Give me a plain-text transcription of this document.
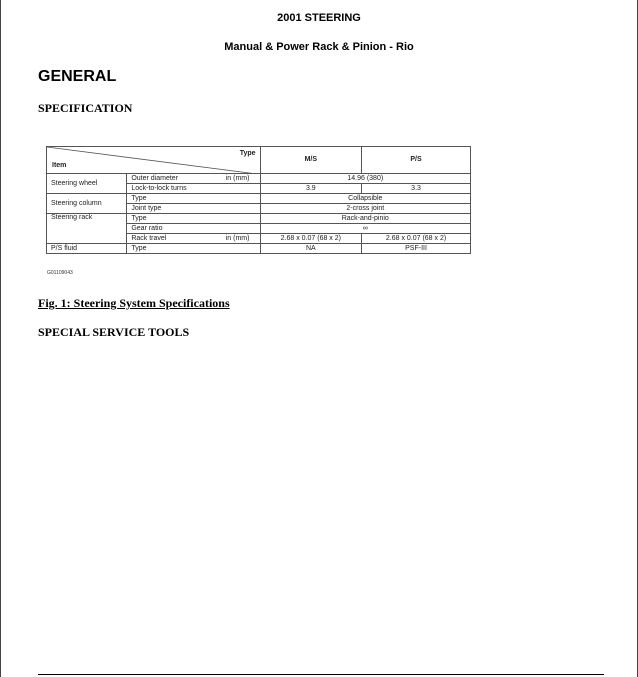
2001 STEERING
Manual & Power Rack & Pinion - Rio
GENERAL
SPECIFICATION
Type
Item			M/S	P/S
Steering wheel	Outer diameter	in (mm)	14.96 (380)	
	Lock-to-lock turns		3.9	3.3
Steering column	Type		Collapsible	
	Joint type		2-cross joint	
Steering rack	Type		Rack-and-pinio	
	Gear ratio		∞	
	Rack travel	in (mm)	2.68 x 0.07 (68 x 2)	2.68 x 0.07 (68 x 2)
P/S fluid	Type		NA	PSF-III
G01109043
Fig. 1: Steering System Specifications
SPECIAL SERVICE TOOLS
